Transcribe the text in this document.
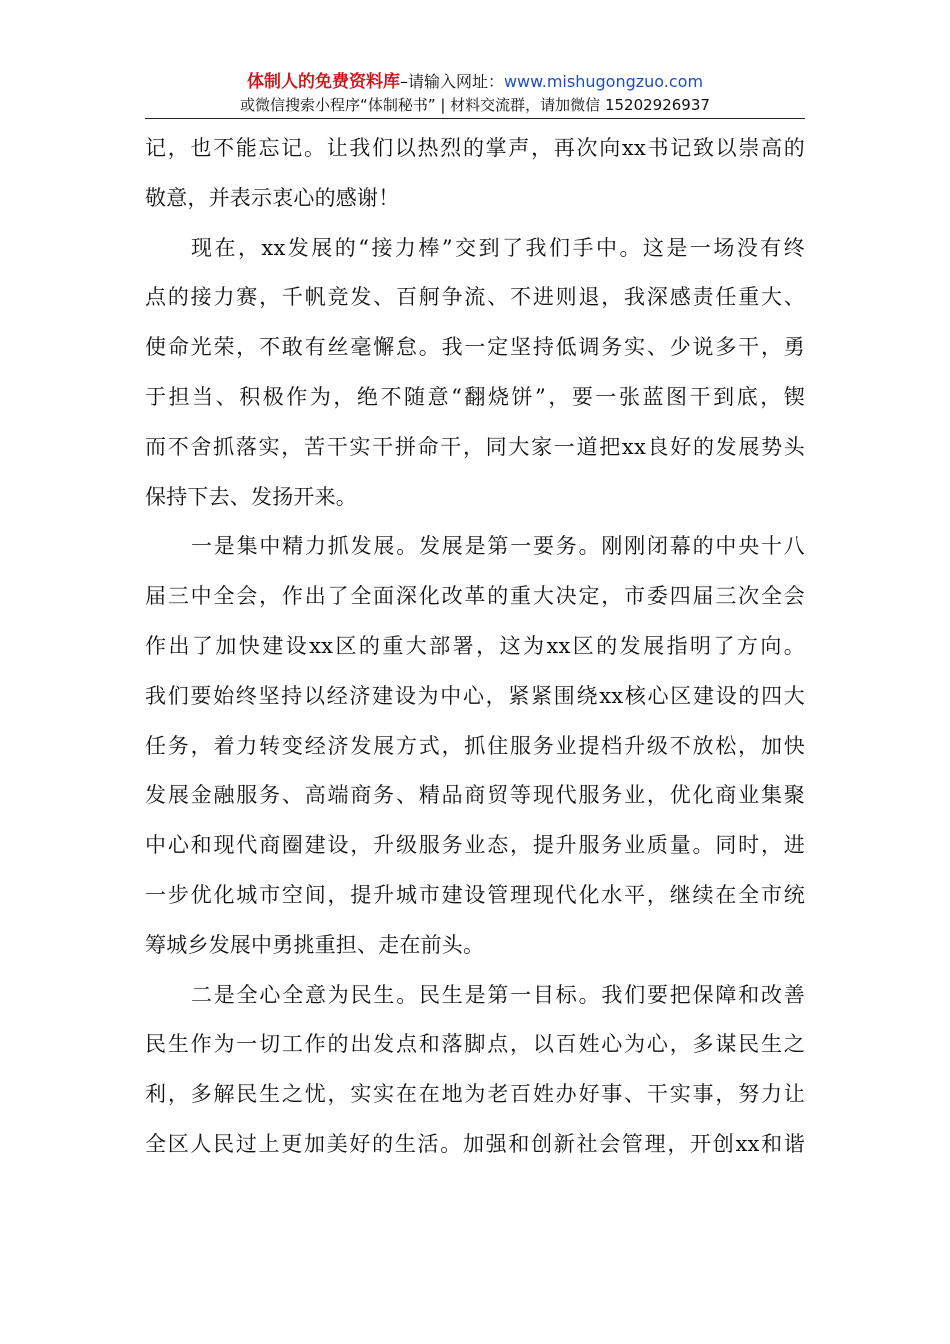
体制人的免费资料库–请输入网址：www.mishugongzuo.com
或微信搜索小程序“体制秘书” | 材料交流群，请加微信 15202926937
记，也不能忘记。让我们以热烈的掌声，再次向xx书记致以崇高的
敬意，并表示衷心的感谢！
现在，xx发展的“接力棒”交到了我们手中。这是一场没有终
点的接力赛，千帆竞发、百舸争流、不进则退，我深感责任重大、
使命光荣，不敢有丝毫懈怠。我一定坚持低调务实、少说多干，勇
于担当、积极作为，绝不随意“翻烧饼”，要一张蓝图干到底，锲
而不舍抓落实，苦干实干拼命干，同大家一道把xx良好的发展势头
保持下去、发扬开来。
一是集中精力抓发展。发展是第一要务。刚刚闭幕的中央十八
届三中全会，作出了全面深化改革的重大决定，市委四届三次全会
作出了加快建设xx区的重大部署，这为xx区的发展指明了方向。
我们要始终坚持以经济建设为中心，紧紧围绕xx核心区建设的四大
任务，着力转变经济发展方式，抓住服务业提档升级不放松，加快
发展金融服务、高端商务、精品商贸等现代服务业，优化商业集聚
中心和现代商圈建设，升级服务业态，提升服务业质量。同时，进
一步优化城市空间，提升城市建设管理现代化水平，继续在全市统
筹城乡发展中勇挑重担、走在前头。
二是全心全意为民生。民生是第一目标。我们要把保障和改善
民生作为一切工作的出发点和落脚点，以百姓心为心，多谋民生之
利，多解民生之忧，实实在在地为老百姓办好事、干实事，努力让
全区人民过上更加美好的生活。加强和创新社会管理，开创xx和谐
